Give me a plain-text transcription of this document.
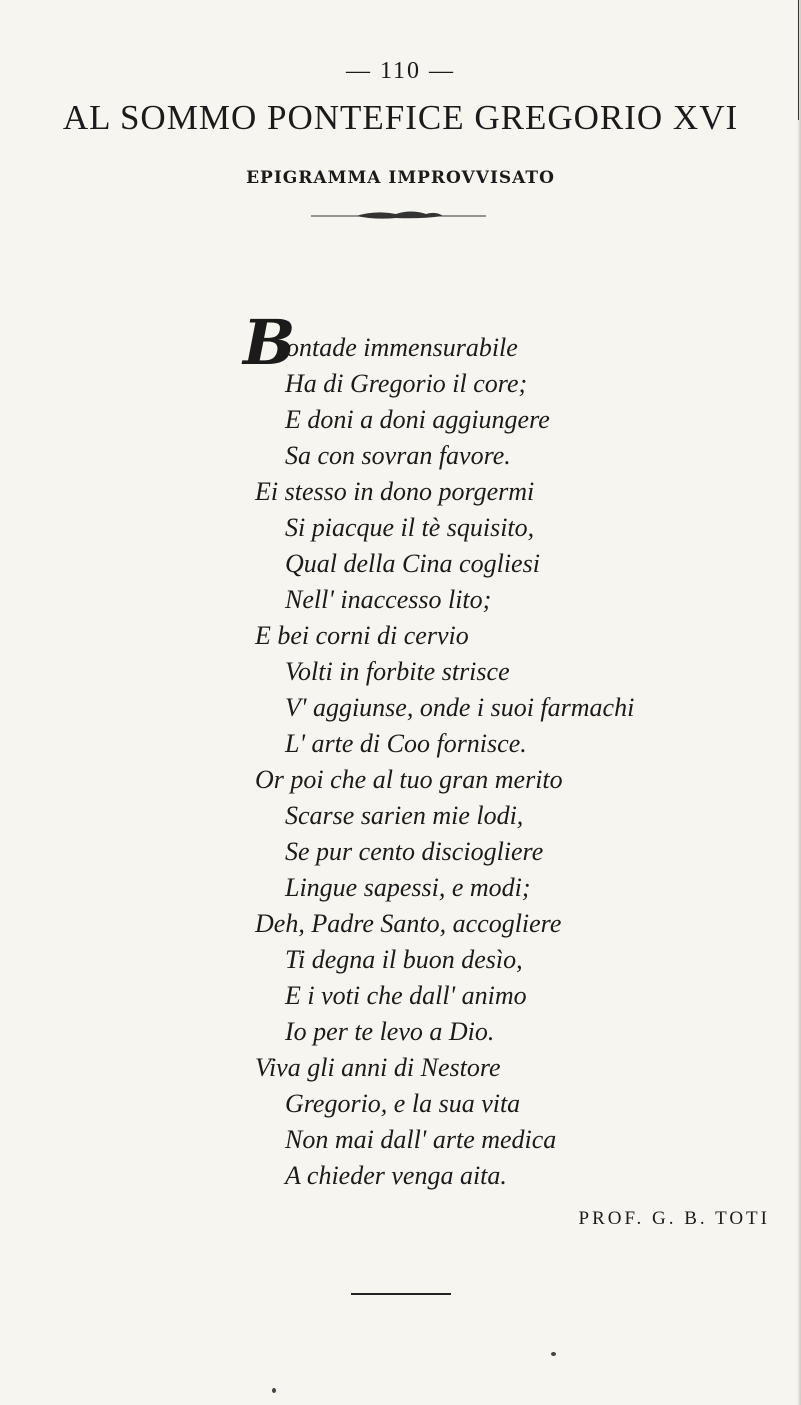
— 110 —
AL SOMMO PONTEFICE GREGORIO XVI
EPIGRAMMA IMPROVVISATO
B
ontade immensurabile
Ha di Gregorio il core;
E doni a doni aggiungere
Sa con sovran favore.
Ei stesso in dono porgermi
Si piacque il tè squisito,
Qual della Cina cogliesi
Nell' inaccesso lito;
E bei corni di cervio
Volti in forbite strisce
V' aggiunse, onde i suoi farmachi
L' arte di Coo fornisce.
Or poi che al tuo gran merito
Scarse sarien mie lodi,
Se pur cento disciogliere
Lingue sapessi, e modi;
Deh, Padre Santo, accogliere
Ti degna il buon desìo,
E i voti che dall' animo
Io per te levo a Dio.
Viva gli anni di Nestore
Gregorio, e la sua vita
Non mai dall' arte medica
A chieder venga aita.
PROF. G. B. TOTI
